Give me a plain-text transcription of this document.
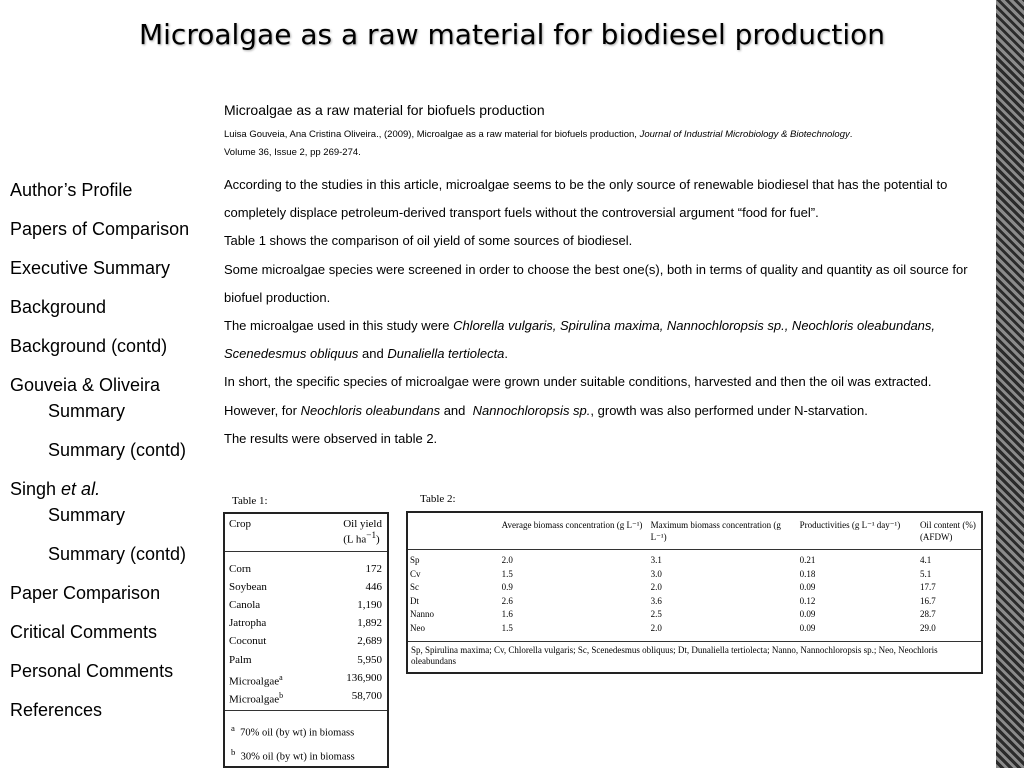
Microalgae as a raw material for biodiesel production
Author’s Profile
Papers of Comparison
Executive Summary
Background
Background (contd)
Gouveia & Oliveira
Summary
Summary (contd)
Singh et al.
Summary
Summary (contd)
Paper Comparison
Critical Comments
Personal Comments
References
Microalgae as a raw material for biofuels production
Luisa Gouveia, Ana Cristina Oliveira., (2009), Microalgae as a raw material for biofuels production, Journal of Industrial Microbiology & Biotechnology.
Volume 36, Issue 2, pp 269-274.
According to the studies in this article, microalgae seems to be the only source of renewable biodiesel that has the potential to completely displace petroleum-derived transport fuels without the controversial argument “food for fuel”.
Table 1 shows the comparison of oil yield of some sources of biodiesel.
Some microalgae species were screened in order to choose the best one(s), both in terms of quality and quantity as oil source for biofuel production.
The microalgae used in this study were Chlorella vulgaris, Spirulina maxima, Nannochloropsis sp., Neochloris oleabundans, Scenedesmus obliquus and Dunaliella tertiolecta.
In short, the specific species of microalgae were grown under suitable conditions, harvested and then the oil was extracted.
However, for Neochloris oleabundans and  Nannochloropsis sp., growth was also performed under N-starvation.
The results were observed in table 2.
Table 1:	Table 2:
Crop	Oil yield
(L $ha^{-1}$)
Corn	172
Soybean	446
Canola	1,190
Jatropha	1,892
Coconut	2,689
Palm	5,950
Microalgae$^a$	136,900
Microalgae$^b$	58,700
$^a$ 70% oil (by wt) in biomass
$^b$ 30% oil (by wt) in biomass
	Average biomass concentration (g L⁻¹)	Maximum biomass concentration (g L⁻¹)	Productivities (g L⁻¹ day⁻¹)	Oil content (%) (AFDW)
Sp	2.0	3.1	0.21	4.1
Cv	1.5	3.0	0.18	5.1
Sc	0.9	2.0	0.09	17.7
Dt	2.6	3.6	0.12	16.7
Nanno	1.6	2.5	0.09	28.7
Neo	1.5	2.0	0.09	29.0
Sp, Spirulina maxima; Cv, Chlorella vulgaris; Sc, Scenedesmus obliquus; Dt, Dunaliella tertiolecta; Nanno, Nannochloropsis sp.; Neo, Neochloris oleabundans
